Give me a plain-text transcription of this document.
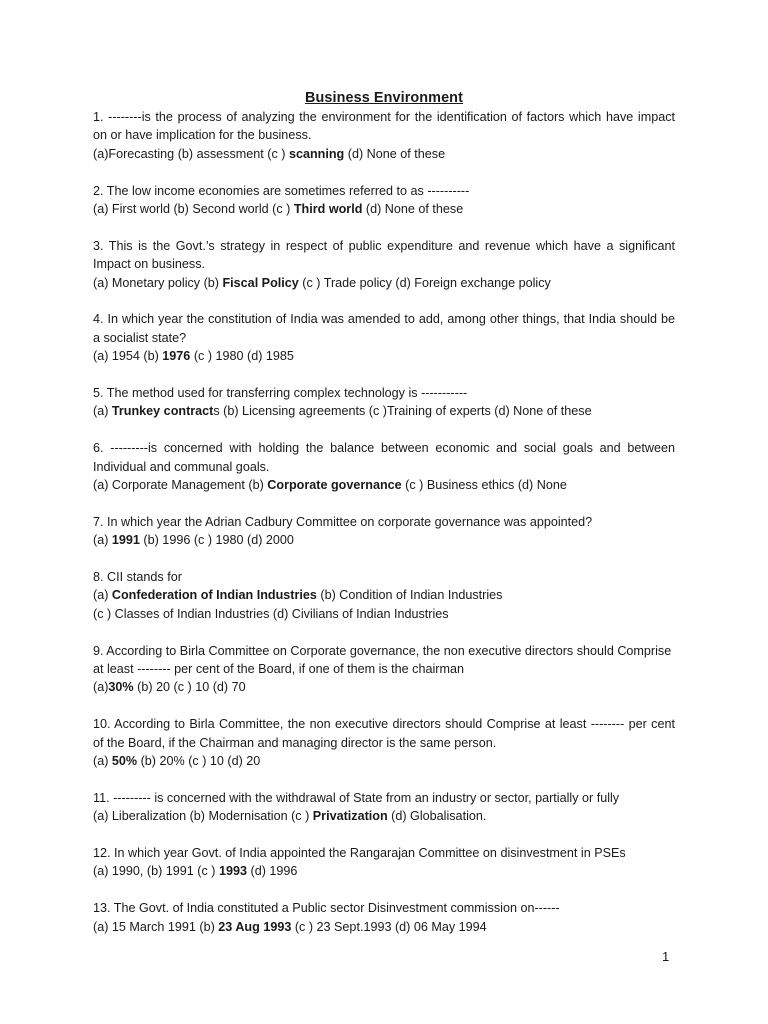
Business Environment

1. --------is the process of analyzing the environment for the identification of factors which have impact on or have implication for the business.

(a)Forecasting (b) assessment (c ) scanning (d) None of these

2. The low income economies are sometimes referred to as ----------

(a) First world (b) Second world (c ) Third world (d) None of these

3. This is the Govt.’s strategy in respect of public expenditure and revenue which have a significant Impact on business.

(a) Monetary policy (b) Fiscal Policy (c ) Trade policy (d) Foreign exchange policy

4. In which year the constitution of India was amended to add, among other things, that India should be a socialist state?

(a) 1954 (b) 1976 (c ) 1980 (d) 1985

5. The method used for transferring complex technology is -----------

(a) Trunkey contracts (b) Licensing agreements (c )Training of experts (d) None of these

6. ---------is concerned with holding the balance between economic and social goals and between Individual and communal goals.

(a) Corporate Management (b) Corporate governance (c ) Business ethics (d) None

7. In which year the Adrian Cadbury Committee on corporate governance was appointed?

(a) 1991 (b) 1996 (c ) 1980 (d) 2000

8. CII stands for

(a) Confederation of Indian Industries (b) Condition of Indian Industries

(c ) Classes of Indian Industries (d) Civilians of Indian Industries

9. According to Birla Committee on Corporate governance, the non executive directors should Comprise at least -------- per cent of the Board, if one of them is the chairman

(a)30% (b) 20 (c ) 10 (d) 70

10. According to Birla Committee, the non executive directors should Comprise at least -------- per cent of the Board, if the Chairman and managing director is the same person.

(a) 50% (b) 20% (c ) 10 (d) 20

11. --------- is concerned with the withdrawal of State from an industry or sector, partially or fully

(a) Liberalization (b) Modernisation (c ) Privatization (d) Globalisation.

12. In which year Govt. of India appointed the Rangarajan Committee on disinvestment in PSEs

(a) 1990, (b) 1991 (c ) 1993 (d) 1996

13. The Govt. of India constituted a Public sector Disinvestment commission on------

(a) 15 March 1991 (b) 23 Aug 1993 (c ) 23 Sept.1993 (d) 06 May 1994

1
